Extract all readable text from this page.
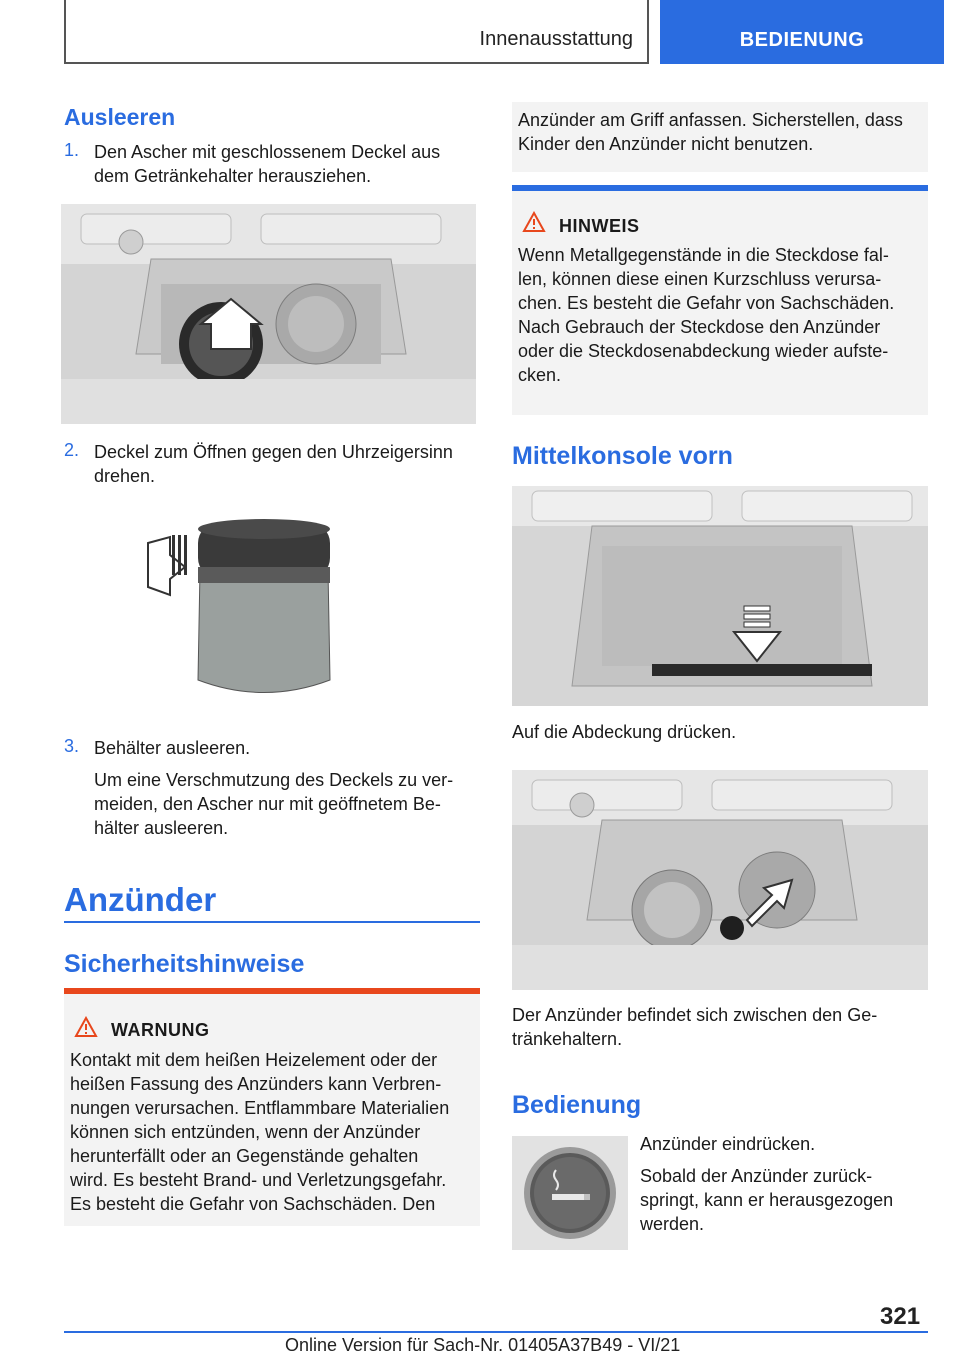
Innenausstattung	BEDIENUNG
Ausleeren
1. Den Ascher mit geschlossenem Deckel aus
dem Getränkehalter herausziehen.
2. Deckel zum Öffnen gegen den Uhrzeigersinn
drehen.
3. Behälter ausleeren.
Um eine Verschmutzung des Deckels zu ver-
meiden, den Ascher nur mit geöffnetem Be-
hälter ausleeren.
Anzünder
Sicherheitshinweise
WARNUNG
Kontakt mit dem heißen Heizelement oder der
heißen Fassung des Anzünders kann Verbren-
nungen verursachen. Entflammbare Materialien
können sich entzünden, wenn der Anzünder
herunterfällt oder an Gegenstände gehalten
wird. Es besteht Brand- und Verletzungsgefahr.
Es besteht die Gefahr von Sachschäden. Den
Anzünder am Griff anfassen. Sicherstellen, dass
Kinder den Anzünder nicht benutzen.
HINWEIS
Wenn Metallgegenstände in die Steckdose fal-
len, können diese einen Kurzschluss verursa-
chen. Es besteht die Gefahr von Sachschäden.
Nach Gebrauch der Steckdose den Anzünder
oder die Steckdosenabdeckung wieder aufste-
cken.
Mittelkonsole vorn
Auf die Abdeckung drücken.
Der Anzünder befindet sich zwischen den Ge-
tränkehaltern.
Bedienung
Anzünder eindrücken.
Sobald der Anzünder zurück-
springt, kann er herausgezogen
werden.
321
Online Version für Sach-Nr. 01405A37B49 - VI/21
